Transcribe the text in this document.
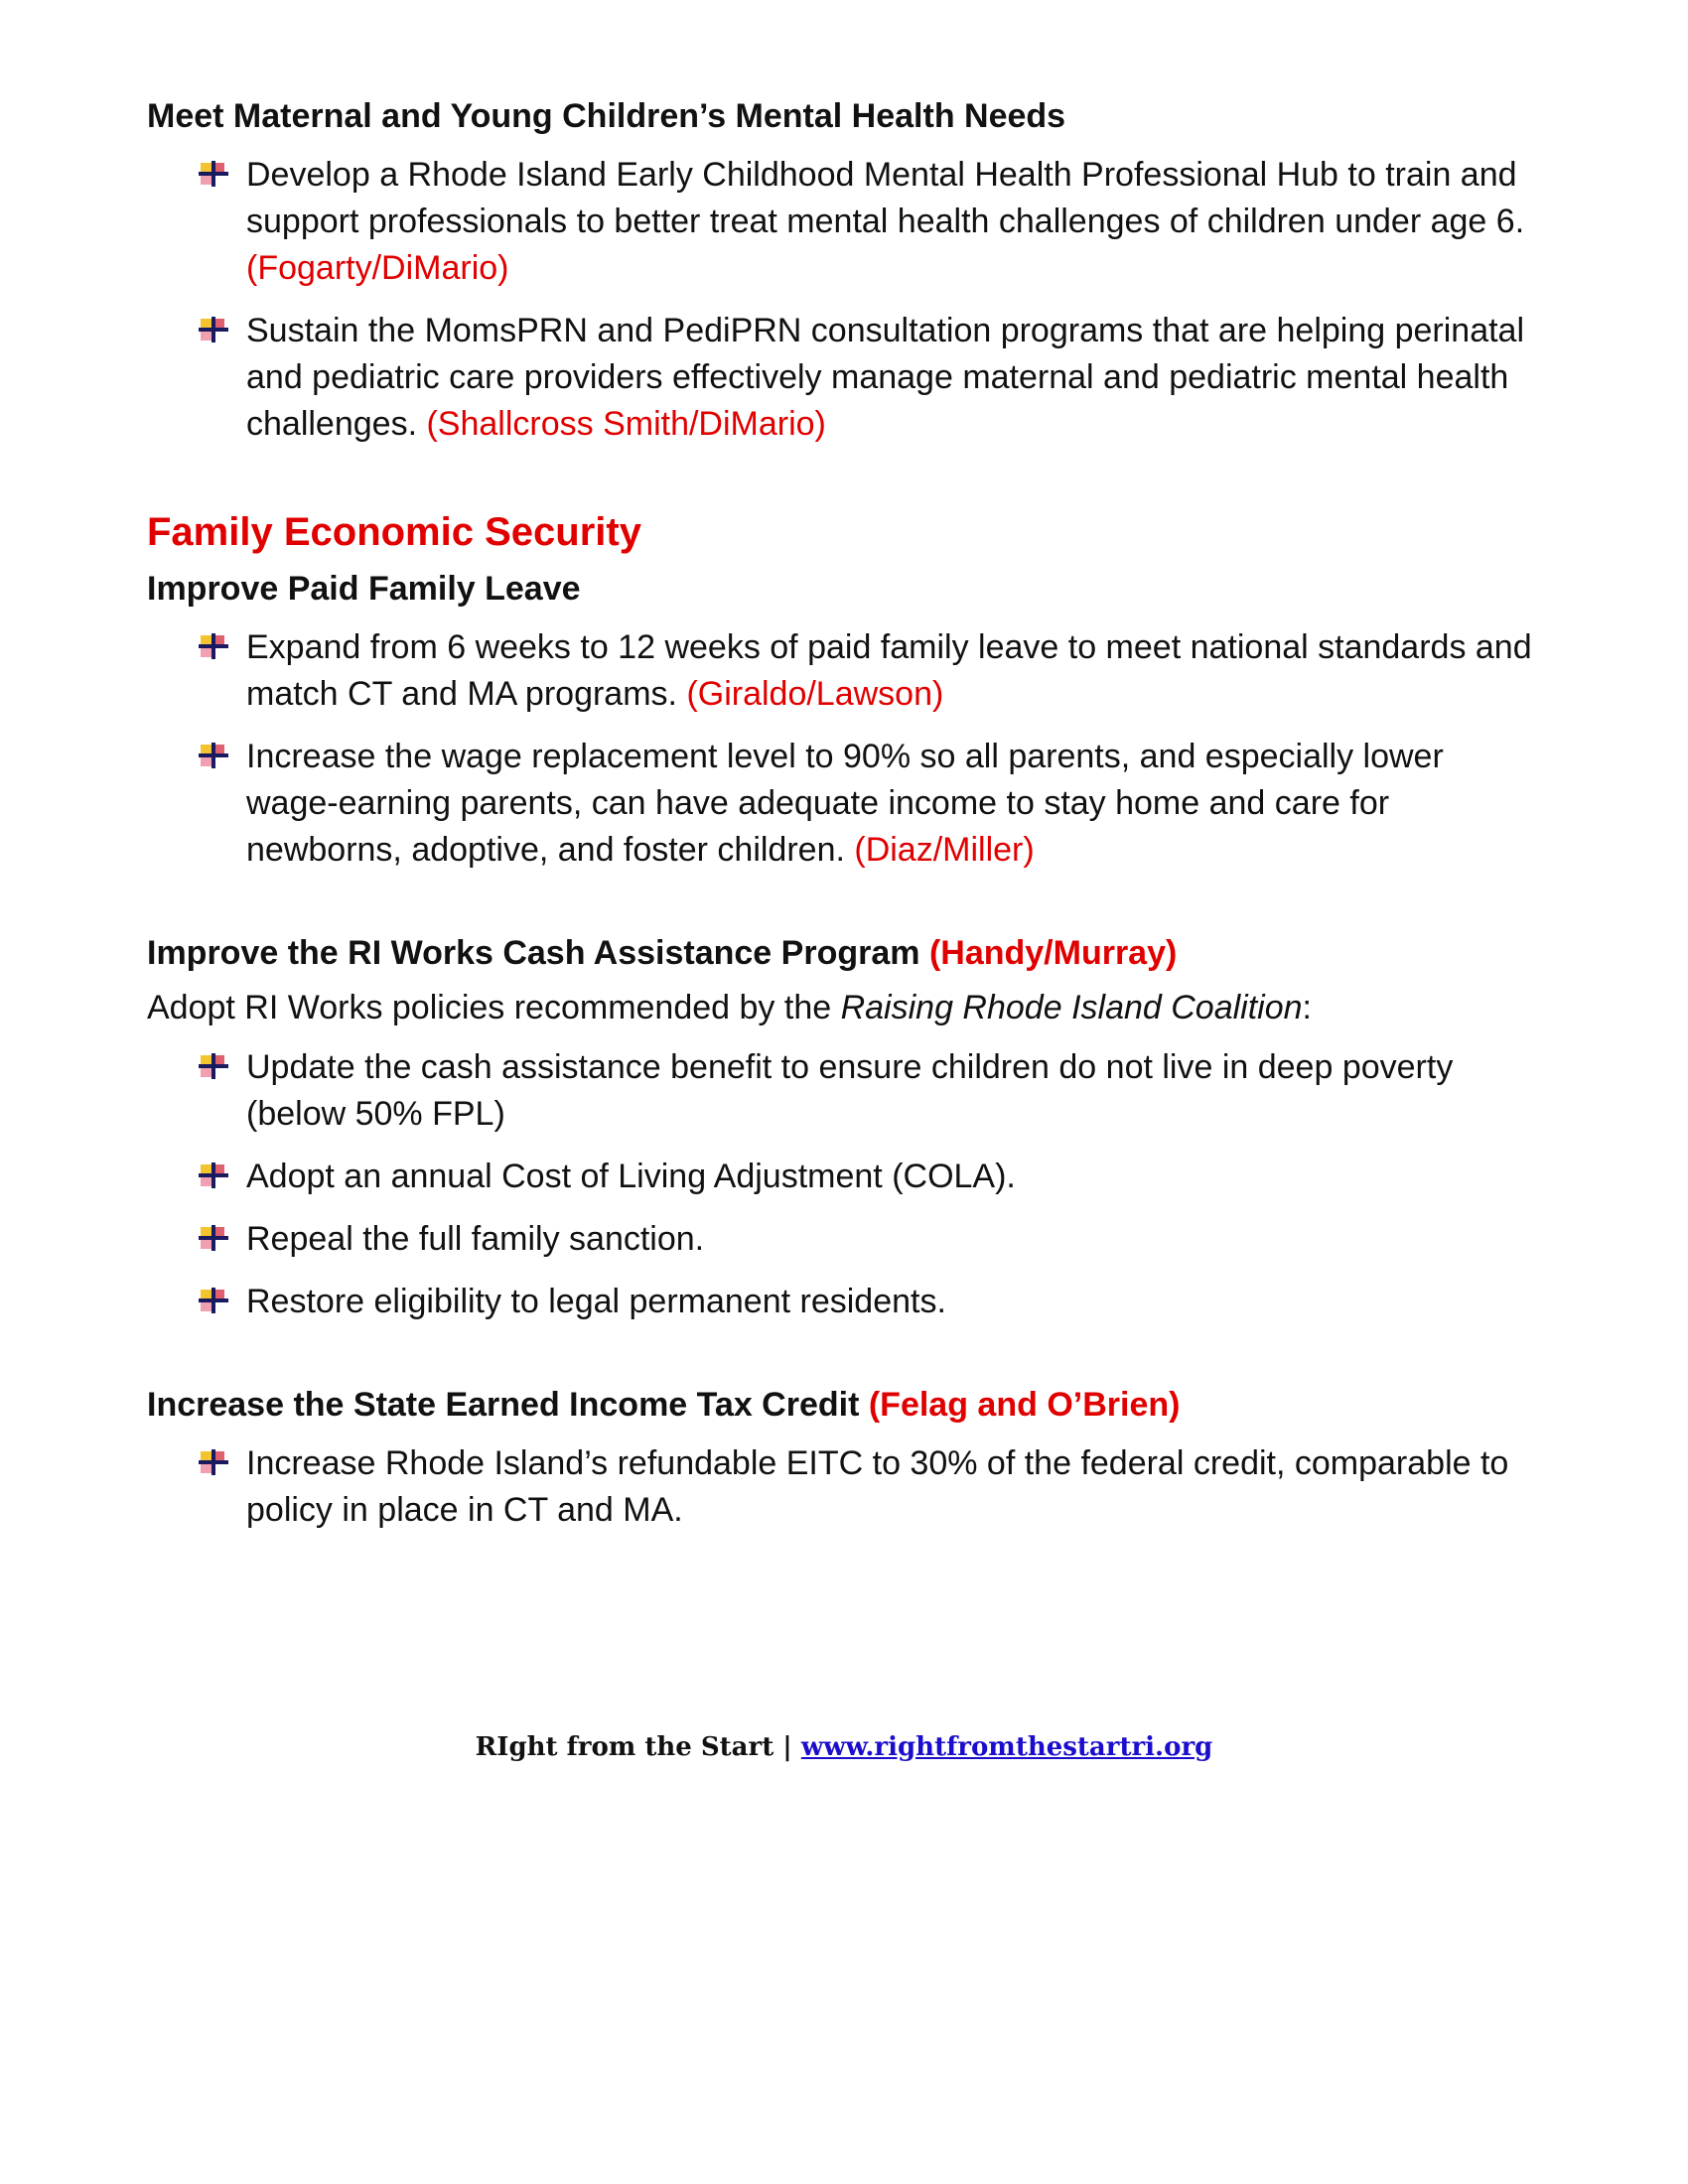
Meet Maternal and Young Children’s Mental Health Needs

Develop a Rhode Island Early Childhood Mental Health Professional Hub to train and support professionals to better treat mental health challenges of children under age 6.  (Fogarty/DiMario)
Sustain the MomsPRN and PediPRN consultation programs that are helping perinatal and pediatric care providers effectively manage maternal and pediatric mental health challenges. (Shallcross Smith/DiMario)

Family Economic Security

Improve Paid Family Leave

Expand from 6 weeks to 12 weeks of paid family leave to meet national standards and match CT and MA programs. (Giraldo/Lawson)
Increase the wage replacement level to 90% so all parents, and especially lower wage-earning parents, can have adequate income to stay home and care for newborns, adoptive, and foster children. (Diaz/Miller)

Improve the RI Works Cash Assistance Program (Handy/Murray)

Adopt RI Works policies recommended by the Raising Rhode Island Coalition:

Update the cash assistance benefit to ensure children do not live in deep poverty (below 50% FPL)
Adopt an annual Cost of Living Adjustment (COLA).
Repeal the full family sanction.
Restore eligibility to legal permanent residents.

Increase the State Earned Income Tax Credit (Felag and O’Brien)

Increase Rhode Island’s refundable EITC to 30% of the federal credit, comparable to policy in place in CT and MA.
RIght from the Start | www.rightfromthestartri.org
